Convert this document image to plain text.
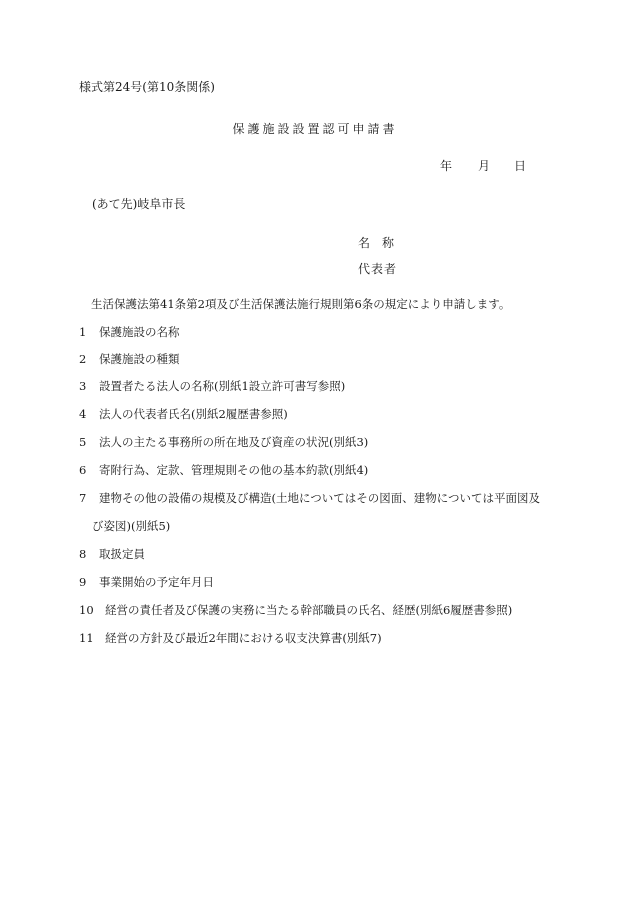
様式第24号(第10条関係)
保護施設設置認可申請書
年 月 日
(あて先)岐阜市長
名称
代表者
生活保護法第41条第2項及び生活保護法施行規則第6条の規定により申請します。
1 保護施設の名称
2 保護施設の種類
3 設置者たる法人の名称(別紙1設立許可書写参照)
4 法人の代表者氏名(別紙2履歴書参照)
5 法人の主たる事務所の所在地及び資産の状況(別紙3)
6 寄附行為、定款、管理規則その他の基本約款(別紙4)
7 建物その他の設備の規模及び構造(土地についてはその図面、建物については平面図及
び姿図)(別紙5)
8 取扱定員
9 事業開始の予定年月日
10 経営の責任者及び保護の実務に当たる幹部職員の氏名、経歴(別紙6履歴書参照)
11 経営の方針及び最近2年間における収支決算書(別紙7)
